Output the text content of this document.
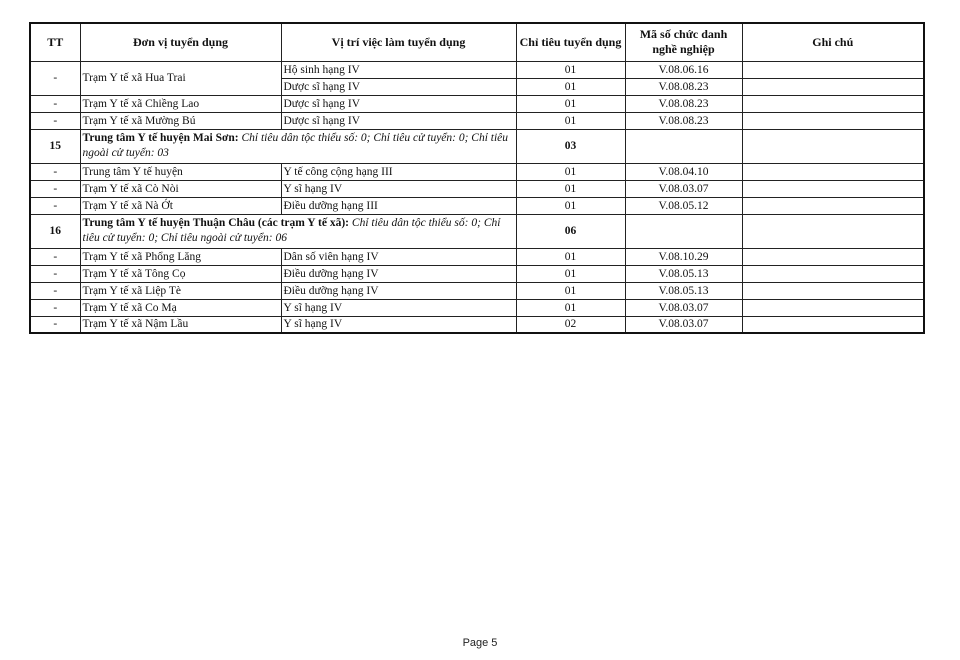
TT	Đơn vị tuyển dụng	Vị trí việc làm tuyển dụng	Chỉ tiêu tuyển dụng	Mã số chức danh nghề nghiệp	Ghi chú
-	Trạm Y tế xã Hua Trai	Hộ sinh hạng IV	01	V.08.06.16	
		Dược sĩ hạng IV	01	V.08.08.23	
-	Trạm Y tế xã Chiềng Lao	Dược sĩ hạng IV	01	V.08.08.23	
-	Trạm Y tế xã Mường Bú	Dược sĩ hạng IV	01	V.08.08.23	
15	Trung tâm Y tế huyện Mai Sơn: Chỉ tiêu dân tộc thiểu số: 0; Chỉ tiêu cử tuyển: 0; Chỉ tiêu ngoài cử tuyển: 03		03		
-	Trung tâm Y tế huyện	Y tế công cộng hạng III	01	V.08.04.10	
-	Trạm Y tế xã Cò Nòi	Y sĩ hạng IV	01	V.08.03.07	
-	Trạm Y tế xã Nà Ớt	Điều dưỡng hạng III	01	V.08.05.12	
16	Trung tâm Y tế huyện Thuận Châu (các trạm Y tế xã): Chỉ tiêu dân tộc thiểu số: 0; Chỉ tiêu cử tuyển: 0; Chỉ tiêu ngoài cử tuyển: 06		06		
-	Trạm Y tế xã Phổng Lăng	Dân số viên hạng IV	01	V.08.10.29	
-	Trạm Y tế xã Tông Cọ	Điều dưỡng hạng IV	01	V.08.05.13	
-	Trạm Y tế xã Liệp Tè	Điều dưỡng hạng IV	01	V.08.05.13	
-	Trạm Y tế xã Co Mạ	Y sĩ hạng IV	01	V.08.03.07	
-	Trạm Y tế xã Nậm Lầu	Y sĩ hạng IV	02	V.08.03.07	
Page 5
